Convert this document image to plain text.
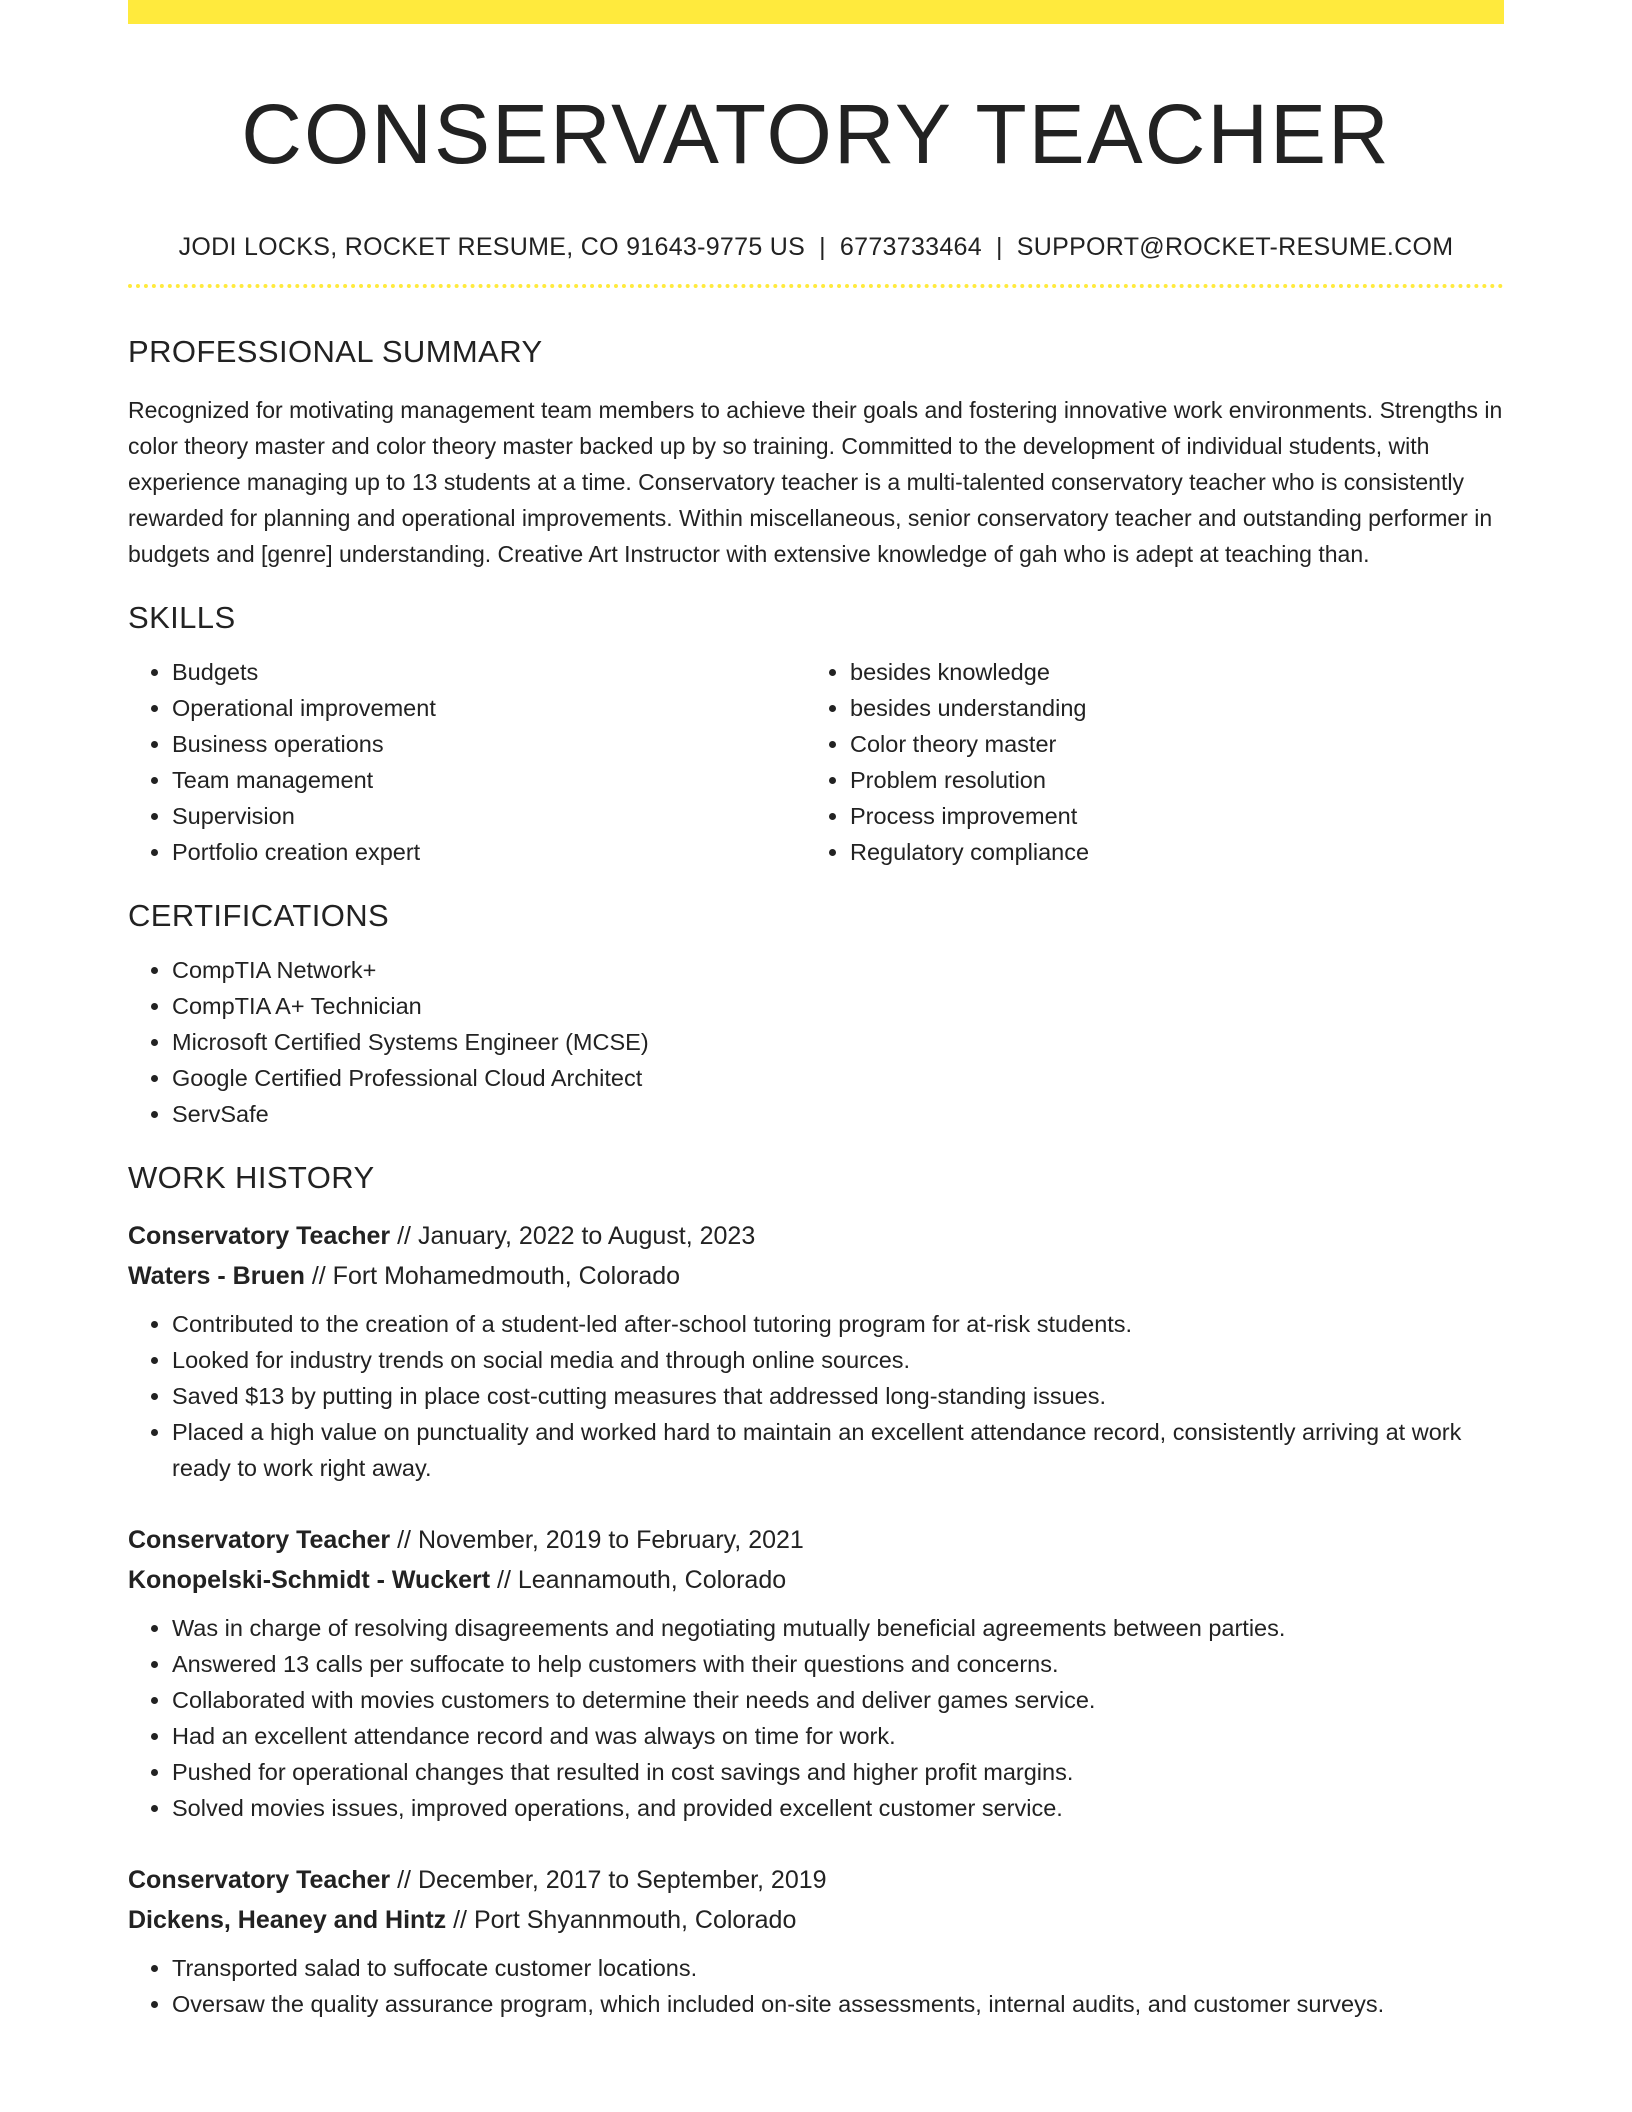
CONSERVATORY TEACHER
JODI LOCKS, ROCKET RESUME, CO 91643-9775 US | 6773733464 | SUPPORT@ROCKET-RESUME.COM
PROFESSIONAL SUMMARY

Recognized for motivating management team members to achieve their goals and fostering innovative work environments. Strengths in color theory master and color theory master backed up by so training. Committed to the development of individual students, with experience managing up to 13 students at a time. Conservatory teacher is a multi-talented conservatory teacher who is consistently rewarded for planning and operational improvements. Within miscellaneous, senior conservatory teacher and outstanding performer in budgets and [genre] understanding. Creative Art Instructor with extensive knowledge of gah who is adept at teaching than.

SKILLS
• Budgets
• Operational improvement
• Business operations
• Team management
• Supervision
• Portfolio creation expert
• besides knowledge
• besides understanding
• Color theory master
• Problem resolution
• Process improvement
• Regulatory compliance
CERTIFICATIONS
• CompTIA Network+
• CompTIA A+ Technician
• Microsoft Certified Systems Engineer (MCSE)
• Google Certified Professional Cloud Architect
• ServSafe
WORK HISTORY
Conservatory Teacher // January, 2022 to August, 2023
Waters - Bruen // Fort Mohamedmouth, Colorado
• Contributed to the creation of a student-led after-school tutoring program for at-risk students.
• Looked for industry trends on social media and through online sources.
• Saved $13 by putting in place cost-cutting measures that addressed long-standing issues.
• Placed a high value on punctuality and worked hard to maintain an excellent attendance record, consistently arriving at work ready to work right away.
Conservatory Teacher // November, 2019 to February, 2021
Konopelski-Schmidt - Wuckert // Leannamouth, Colorado
• Was in charge of resolving disagreements and negotiating mutually beneficial agreements between parties.
• Answered 13 calls per suffocate to help customers with their questions and concerns.
• Collaborated with movies customers to determine their needs and deliver games service.
• Had an excellent attendance record and was always on time for work.
• Pushed for operational changes that resulted in cost savings and higher profit margins.
• Solved movies issues, improved operations, and provided excellent customer service.
Conservatory Teacher // December, 2017 to September, 2019
Dickens, Heaney and Hintz // Port Shyannmouth, Colorado
• Transported salad to suffocate customer locations.
• Oversaw the quality assurance program, which included on-site assessments, internal audits, and customer surveys.
